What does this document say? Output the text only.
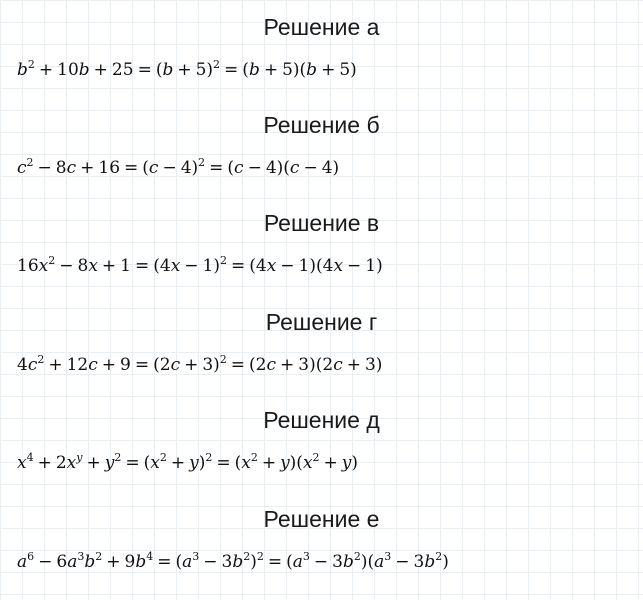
Решение а
$b^2 + 10b + 25 = (b + 5)^2 = (b + 5)(b + 5)$
Решение б
$c^2 - 8c + 16 = (c - 4)^2 = (c - 4)(c - 4)$
Решение в
$16x^2 - 8x + 1 = (4x - 1)^2 = (4x - 1)(4x - 1)$
Решение г
$4c^2 + 12c + 9 = (2c + 3)^2 = (2c + 3)(2c + 3)$
Решение д
$x^4 + 2x^y + y^2 = (x^2 + y)^2 = (x^2 + y)(x^2 + y)$
Решение е
$a^6 - 6a^3b^2 + 9b^4 = (a^3 - 3b^2)^2 = (a^3 - 3b^2)(a^3 - 3b^2)$
